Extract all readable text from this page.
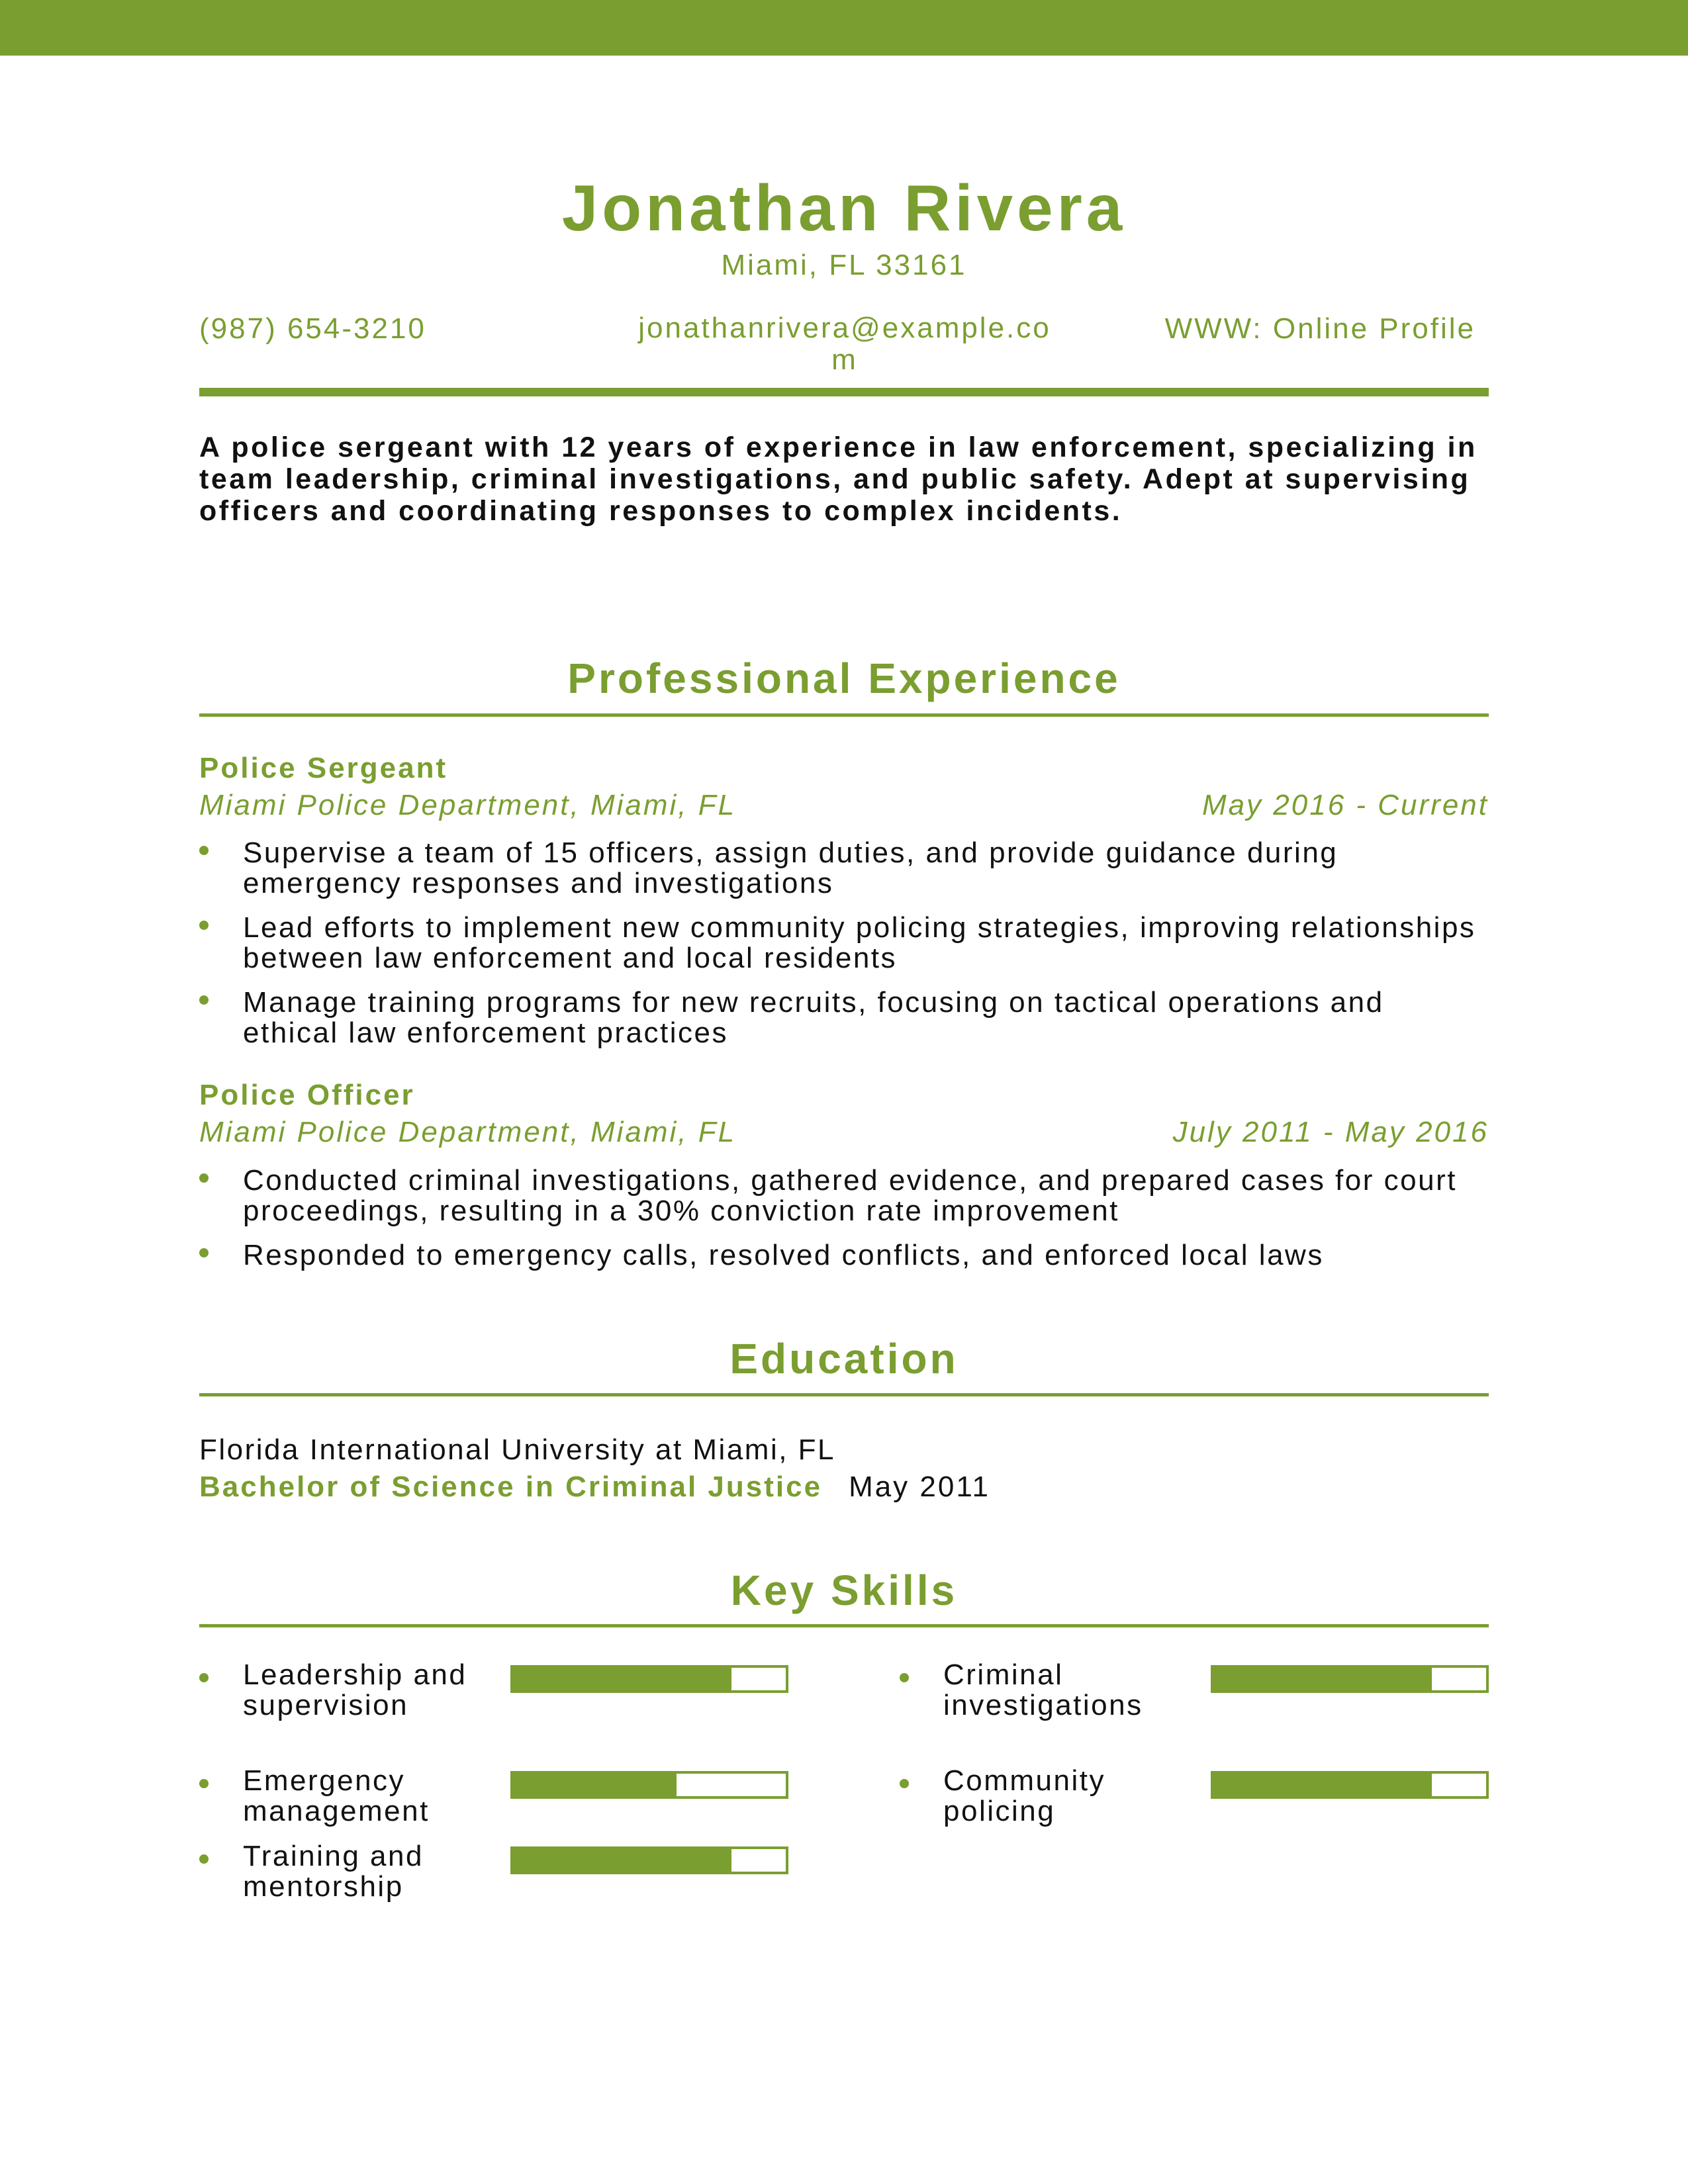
Jonathan Rivera
Miami, FL 33161
(987) 654-3210	jonathanrivera@example.com
WWW: Online Profile
A police sergeant with 12 years of experience in law enforcement, specializing in team leadership, criminal investigations, and public safety. Adept at supervising officers and coordinating responses to complex incidents.
Professional Experience
Police Sergeant
Miami Police Department, Miami, FL	May 2016 - Current
Supervise a team of 15 officers, assign duties, and provide guidance during emergency responses and investigations
Lead efforts to implement new community policing strategies, improving relationships between law enforcement and local residents
Manage training programs for new recruits, focusing on tactical operations and ethical law enforcement practices
Police Officer
Miami Police Department, Miami, FL	July 2011 - May 2016
Conducted criminal investigations, gathered evidence, and prepared cases for court proceedings, resulting in a 30% conviction rate improvement
Responded to emergency calls, resolved conflicts, and enforced local laws
Education
Florida International University at Miami, FL
Bachelor of Science in Criminal Justice May 2011
Key Skills
Leadership and supervision
Criminal investigations
Emergency management
Community policing
Training and mentorship
